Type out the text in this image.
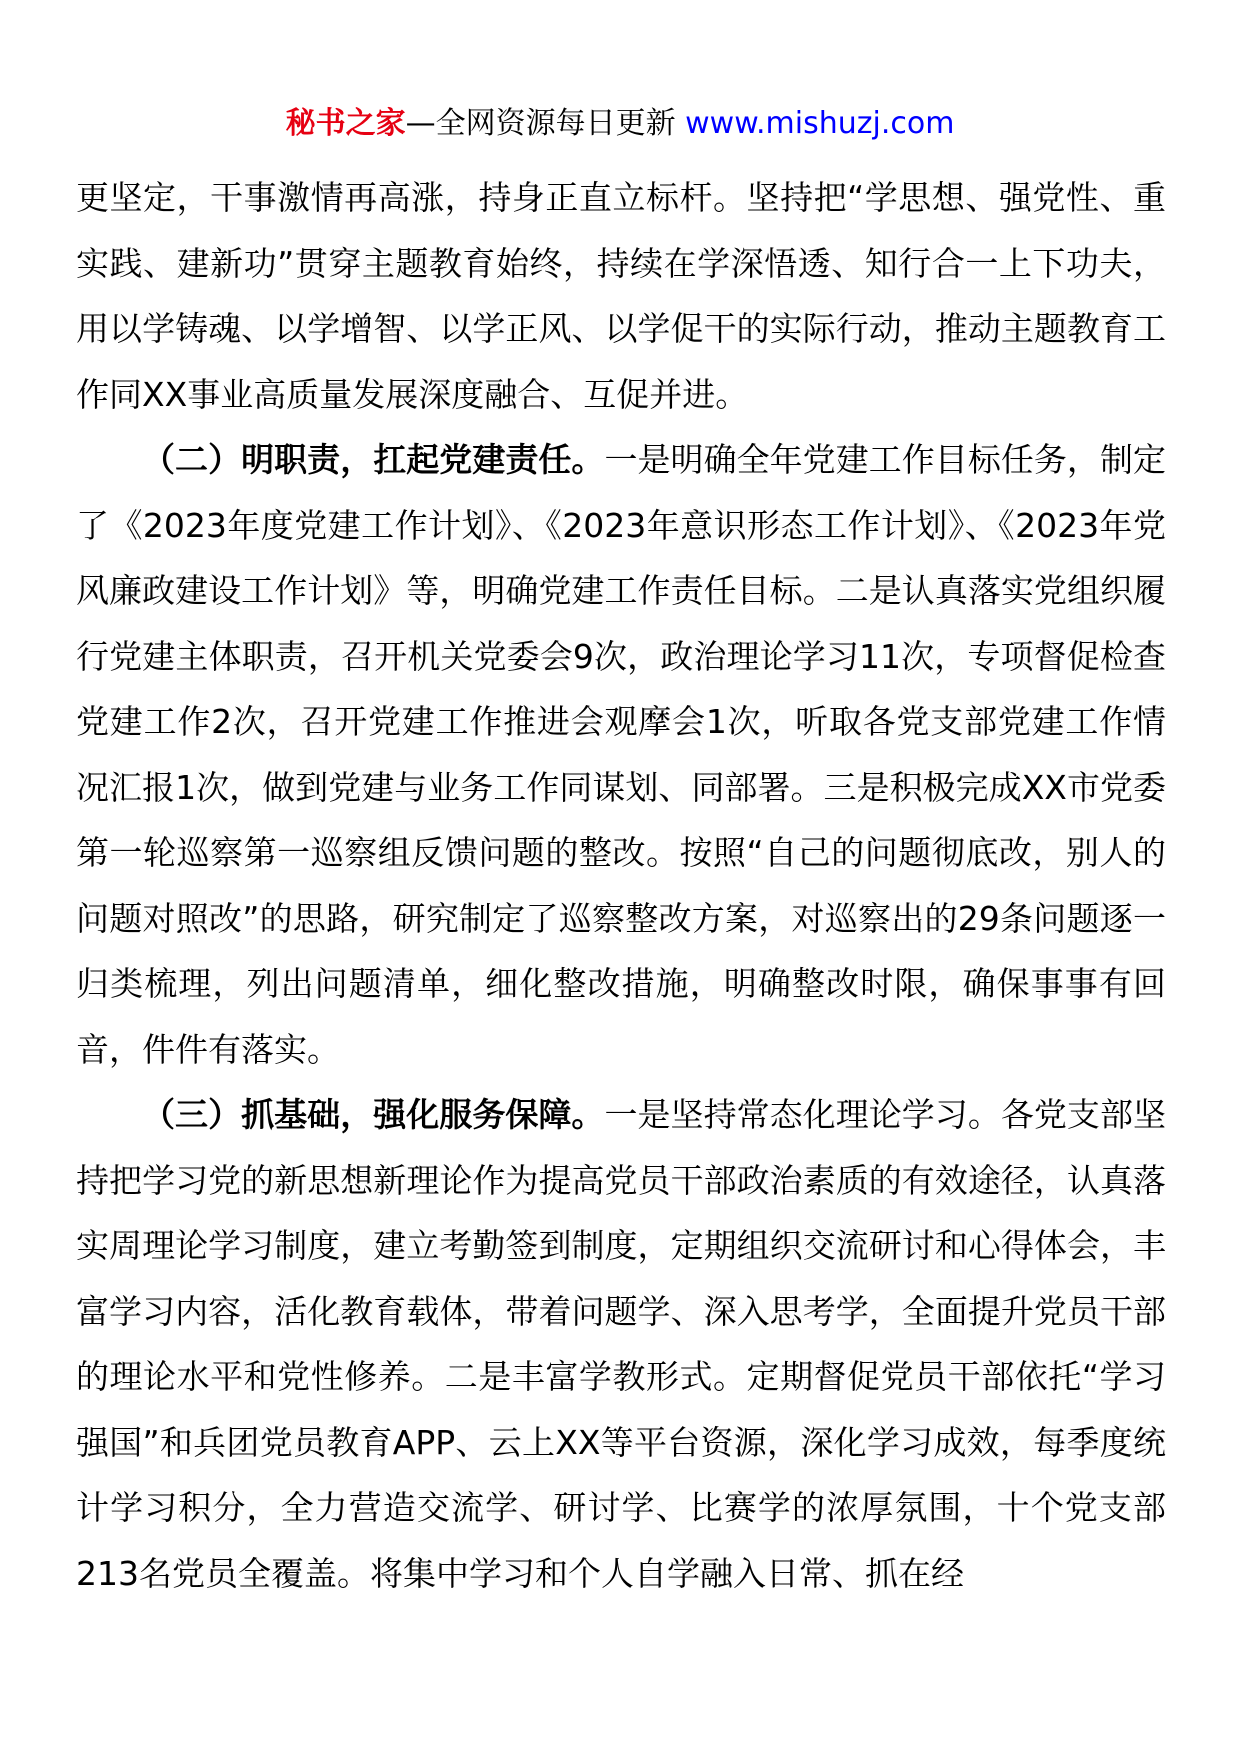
秘书之家—全网资源每日更新 www.mishuzj.com

更坚定，干事激情再高涨，持身正直立标杆。坚持把“学思想、强党性、重实践、建新功”贯穿主题教育始终，持续在学深悟透、知行合一上下功夫，用以学铸魂、以学增智、以学正风、以学促干的实际行动，推动主题教育工作同XX事业高质量发展深度融合、互促并进。

（二）明职责，扛起党建责任。一是明确全年党建工作目标任务，制定了《2023年度党建工作计划》、《2023年意识形态工作计划》、《2023年党风廉政建设工作计划》等，明确党建工作责任目标。二是认真落实党组织履行党建主体职责，召开机关党委会9次，政治理论学习11次，专项督促检查党建工作2次，召开党建工作推进会观摩会1次，听取各党支部党建工作情况汇报1次，做到党建与业务工作同谋划、同部署。三是积极完成XX市党委第一轮巡察第一巡察组反馈问题的整改。按照“自己的问题彻底改，别人的问题对照改”的思路，研究制定了巡察整改方案，对巡察出的29条问题逐一归类梳理，列出问题清单，细化整改措施，明确整改时限，确保事事有回音，件件有落实。

（三）抓基础，强化服务保障。一是坚持常态化理论学习。各党支部坚持把学习党的新思想新理论作为提高党员干部政治素质的有效途径，认真落实周理论学习制度，建立考勤签到制度，定期组织交流研讨和心得体会，丰富学习内容，活化教育载体，带着问题学、深入思考学，全面提升党员干部的理论水平和党性修养。二是丰富学教形式。定期督促党员干部依托“学习强国”和兵团党员教育APP、云上XX等平台资源，深化学习成效，每季度统计学习积分，全力营造交流学、研讨学、比赛学的浓厚氛围，十个党支部213名党员全覆盖。将集中学习和个人自学融入日常、抓在经
